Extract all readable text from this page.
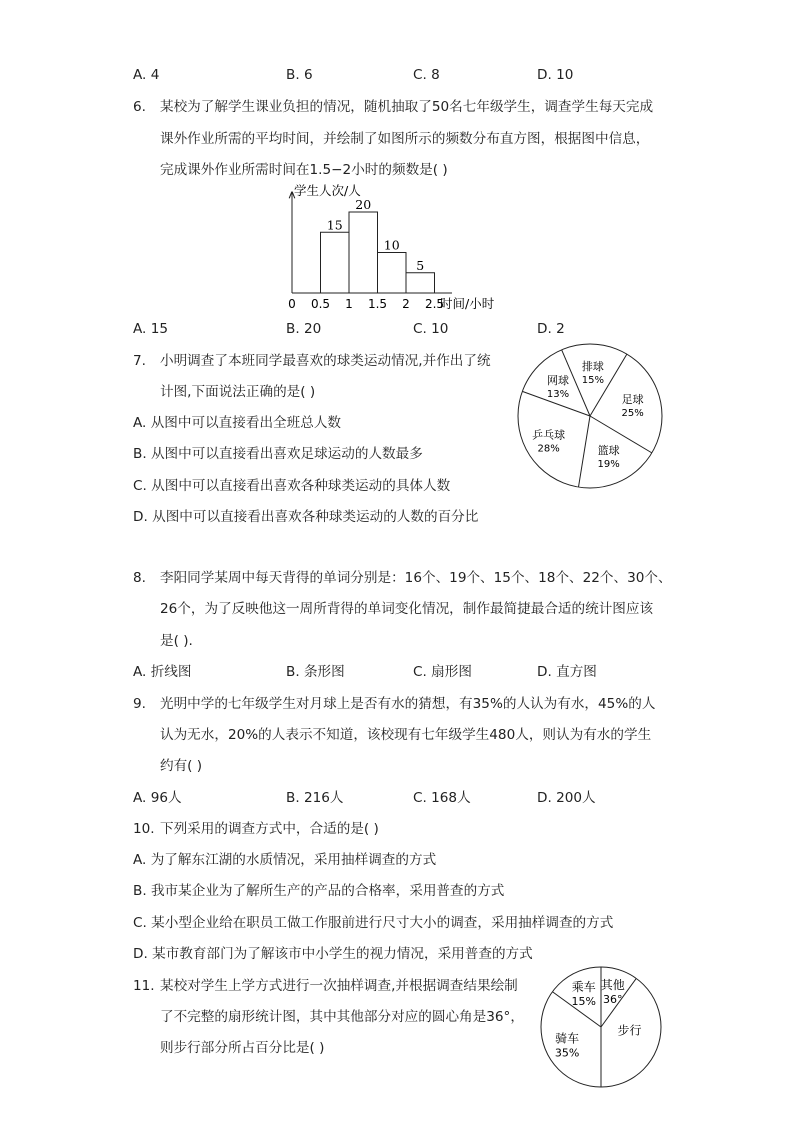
A. 4	B. 6	C. 8	D. 10
6. 某校为了解学生课业负担的情况，随机抽取了50名七年级学生，调查学生每天完成
课外作业所需的平均时间，并绘制了如图所示的频数分布直方图，根据图中信息，
完成课外作业所需时间在1.5−2小时的频数是( )
学生人次/人
时间/小时
15
20
10
5
0 0.5 1 1.5 2 2.5
A. 15	B. 20	C. 10	D. 2
7. 小明调查了本班同学最喜欢的球类运动情况,并作出了统
计图,下面说法正确的是( )
A. 从图中可以直接看出全班总人数
B. 从图中可以直接看出喜欢足球运动的人数最多
C. 从图中可以直接看出喜欢各种球类运动的具体人数
D. 从图中可以直接看出喜欢各种球类运动的人数的百分比
网球
13%
排球
15%
足球
25%
篮球
19%
乒乓球
28%
8. 李阳同学某周中每天背得的单词分别是：16个、19个、15个、18个、22个、30个、
26个，为了反映他这一周所背得的单词变化情况，制作最简捷最合适的统计图应该
是( ).
A. 折线图	B. 条形图	C. 扇形图	D. 直方图
9. 光明中学的七年级学生对月球上是否有水的猜想，有35%的人认为有水，45%的人
认为无水，20%的人表示不知道，该校现有七年级学生480人，则认为有水的学生
约有( )
A. 96人	B. 216人	C. 168人	D. 200人
10. 下列采用的调查方式中，合适的是( )
A. 为了解东江湖的水质情况，采用抽样调查的方式
B. 我市某企业为了解所生产的产品的合格率，采用普查的方式
C. 某小型企业给在职员工做工作服前进行尺寸大小的调查，采用抽样调查的方式
D. 某市教育部门为了解该市中小学生的视力情况，采用普查的方式
11. 某校对学生上学方式进行一次抽样调查,并根据调查结果绘制
了不完整的扇形统计图，其中其他部分对应的圆心角是36°，
则步行部分所占百分比是( )
乘车
15%
其他
36°
步行
骑车
35%
